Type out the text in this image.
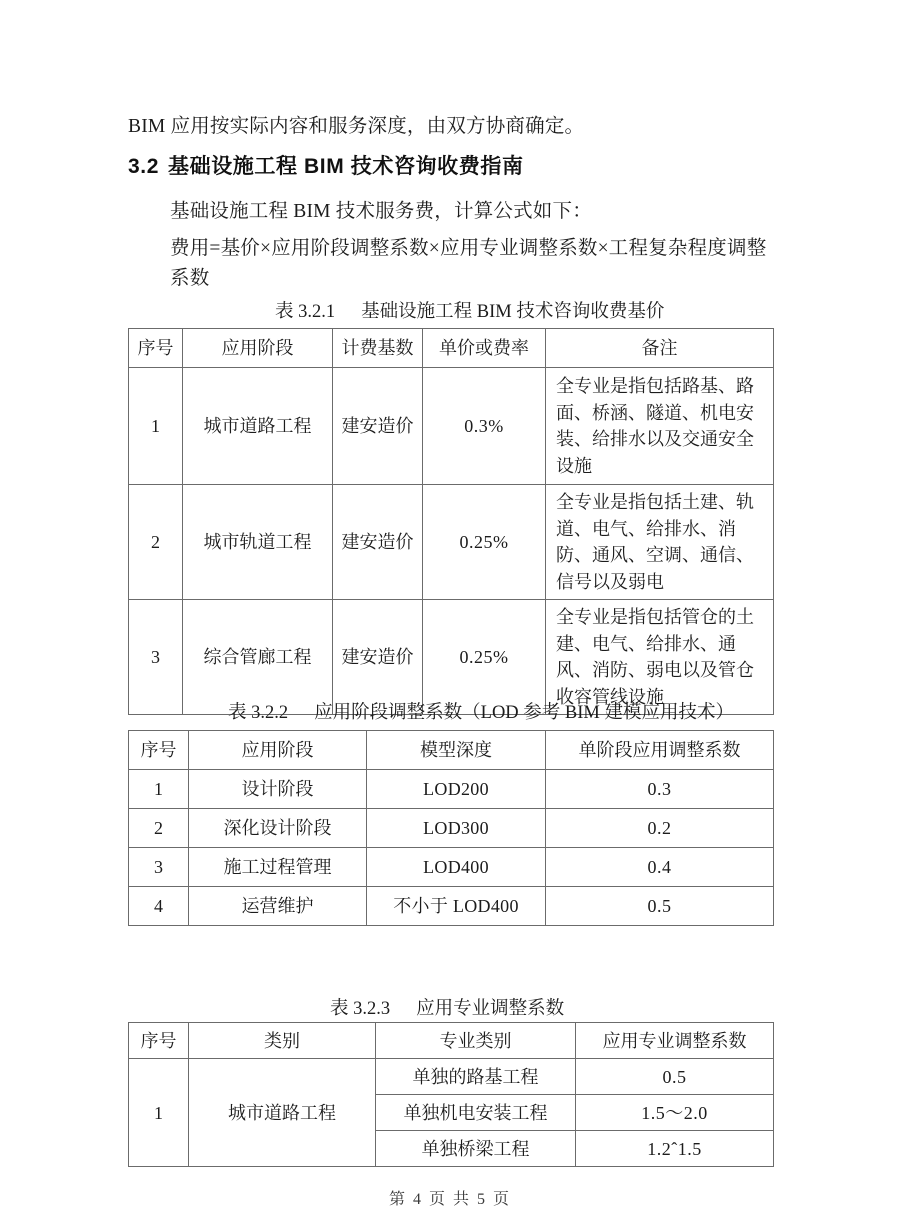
BIM 应用按实际内容和服务深度，由双方协商确定。
3.2 基础设施工程 BIM 技术咨询收费指南
基础设施工程 BIM 技术服务费，计算公式如下：
费用=基价×应用阶段调整系数×应用专业调整系数×工程复杂程度调整系数
表 3.2.1 基础设施工程 BIM 技术咨询收费基价
序号	应用阶段	计费基数	单价或费率	备注
1	城市道路工程	建安造价	0.3%	全专业是指包括路基、路面、桥涵、隧道、机电安装、给排水以及交通安全设施
2	城市轨道工程	建安造价	0.25%	全专业是指包括土建、轨道、电气、给排水、消防、通风、空调、通信、信号以及弱电
3	综合管廊工程	建安造价	0.25%	全专业是指包括管仓的土建、电气、给排水、通风、消防、弱电以及管仓收容管线设施
表 3.2.2 应用阶段调整系数（LOD 参考 BIM 建模应用技术）
序号	应用阶段	模型深度	单阶段应用调整系数
1	设计阶段	LOD200	0.3
2	深化设计阶段	LOD300	0.2
3	施工过程管理	LOD400	0.4
4	运营维护	不小于 LOD400	0.5
表 3.2.3 应用专业调整系数
序号	类别	专业类别	应用专业调整系数
1	城市道路工程	单独的路基工程	0.5
		单独机电安装工程	1.5～2.0
		单独桥梁工程	1.2ˆ1.5
第 4 页 共 5 页
